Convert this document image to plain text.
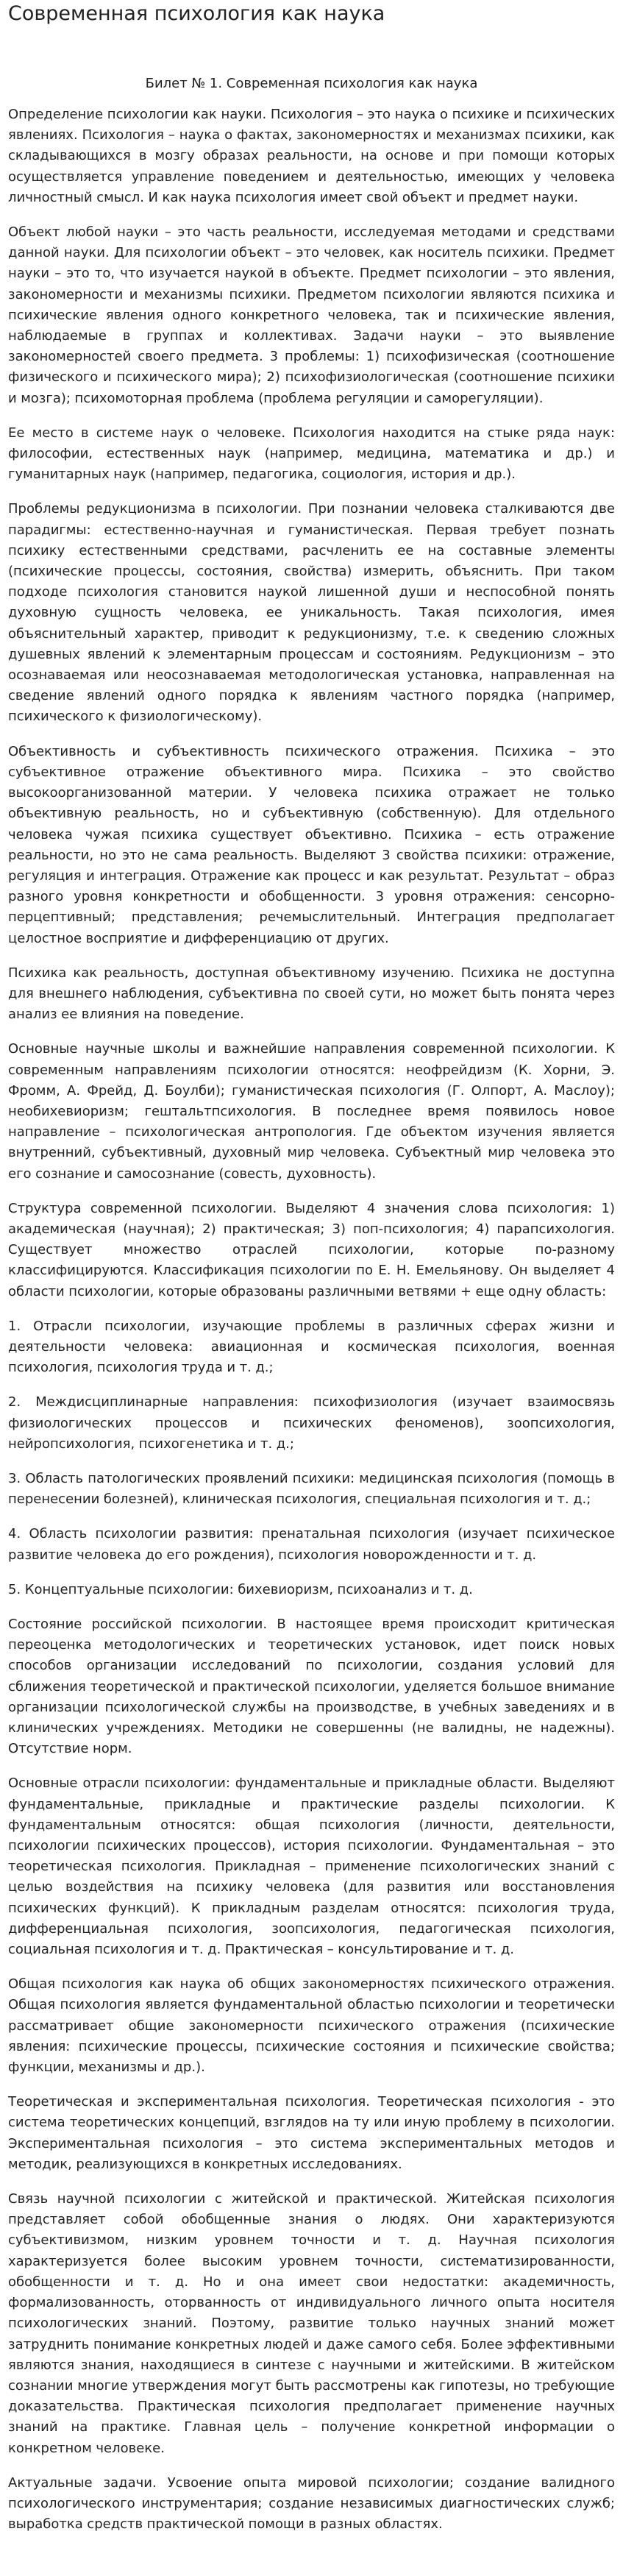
Современная психология как наука
Билет № 1. Современная психология как наука

Определение психологии как науки. Психология – это наука о психике и психических явлениях. Психология – наука о фактах, закономерностях и механизмах психики, как складывающихся в мозгу образах реальности, на основе и при помощи которых осуществляется управление поведением и деятельностью, имеющих у человека личностный смысл. И как наука психология имеет свой объект и предмет науки.

Объект любой науки – это часть реальности, исследуемая методами и средствами данной науки. Для психологии объект – это человек, как носитель психики. Предмет науки – это то, что изучается наукой в объекте. Предмет психологии – это явления, закономерности и механизмы психики. Предметом психологии являются психика и психические явления одного конкретного человека, так и психические явления, наблюдаемые в группах и коллективах. Задачи науки – это выявление закономерностей своего предмета. 3 проблемы: 1) психофизическая (соотношение физического и психического мира); 2) психофизиологическая (соотношение психики и мозга); психомоторная проблема (проблема регуляции и саморегуляции).

Ее место в системе наук о человеке. Психология находится на стыке ряда наук: философии, естественных наук (например, медицина, математика и др.) и гуманитарных наук (например, педагогика, социология, история и др.).

Проблемы редукционизма в психологии. При познании человека сталкиваются две парадигмы: естественно-научная и гуманистическая. Первая требует познать психику естественными средствами, расчленить ее на составные элементы (психические процессы, состояния, свойства) измерить, объяснить. При таком подходе психология становится наукой лишенной души и неспособной понять духовную сущность человека, ее уникальность. Такая психология, имея объяснительный характер, приводит к редукционизму, т.е. к сведению сложных душевных явлений к элементарным процессам и состояниям. Редукционизм – это осознаваемая или неосознаваемая методологическая установка, направленная на сведение явлений одного порядка к явлениям частного порядка (например, психического к физиологическому).

Объективность и субъективность психического отражения. Психика – это субъективное отражение объективного мира. Психика – это свойство высокоорганизованной материи. У человека психика отражает не только объективную реальность, но и субъективную (собственную). Для отдельного человека чужая психика существует объективно. Психика – есть отражение реальности, но это не сама реальность. Выделяют 3 свойства психики: отражение, регуляция и интеграция. Отражение как процесс и как результат. Результат – образ разного уровня конкретности и обобщенности. 3 уровня отражения: сенсорно-перцептивный; представления; речемыслительный. Интеграция предполагает целостное восприятие и дифференциацию от других.

Психика как реальность, доступная объективному изучению. Психика не доступна для внешнего наблюдения, субъективна по своей сути, но может быть понята через анализ ее влияния на поведение.

Основные научные школы и важнейшие направления современной психологии. К современным направлениям психологии относятся: неофрейдизм (К. Хорни, Э. Фромм, А. Фрейд, Д. Боулби); гуманистическая психология (Г. Олпорт, А. Маслоу); необихевиоризм; гештальтпсихология. В последнее время появилось новое направление – психологическая антропология. Где объектом изучения является внутренний, субъективный, духовный мир человека. Субъектный мир человека это его сознание и самосознание (совесть, духовность).

Структура современной психологии. Выделяют 4 значения слова психология: 1) академическая (научная); 2) практическая; 3) поп-психология; 4) парапсихология. Существует множество отраслей психологии, которые по-разному классифицируются. Классификация психологии по Е. Н. Емельянову. Он выделяет 4 области психологии, которые образованы различными ветвями + еще одну область:

1. Отрасли психологии, изучающие проблемы в различных сферах жизни и деятельности человека: авиационная и космическая психология, военная психология, психология труда и т. д.;

2. Междисциплинарные направления: психофизиология (изучает взаимосвязь физиологических процессов и психических феноменов), зоопсихология, нейропсихология, психогенетика и т. д.;

3. Область патологических проявлений психики: медицинская психология (помощь в перенесении болезней), клиническая психология, специальная психология и т. д.;

4. Область психологии развития: пренатальная психология (изучает психическое развитие человека до его рождения), психология новорожденности и т. д.

5. Концептуальные психологии: бихевиоризм, психоанализ и т. д.

Состояние российской психологии. В настоящее время происходит критическая переоценка методологических и теоретических установок, идет поиск новых способов организации исследований по психологии, создания условий для сближения теоретической и практической психологии, уделяется большое внимание организации психологической службы на производстве, в учебных заведениях и в клинических учреждениях. Методики не совершенны (не валидны, не надежны). Отсутствие норм.

Основные отрасли психологии: фундаментальные и прикладные области. Выделяют фундаментальные, прикладные и практические разделы психологии. К фундаментальным относятся: общая психология (личности, деятельности, психологии психических процессов), история психологии. Фундаментальная – это теоретическая психология. Прикладная – применение психологических знаний с целью воздействия на психику человека (для развития или восстановления психических функций). К прикладным разделам относятся: психология труда, дифференциальная психология, зоопсихология, педагогическая психология, социальная психология и т. д. Практическая – консультирование и т. д.

Общая психология как наука об общих закономерностях психического отражения. Общая психология является фундаментальной областью психологии и теоретически рассматривает общие закономерности психического отражения (психические явления: психические процессы, психические состояния и психические свойства; функции, механизмы и др.).

Теоретическая и экспериментальная психология. Теоретическая психология - это система теоретических концепций, взглядов на ту или иную проблему в психологии. Экспериментальная психология – это система экспериментальных методов и методик, реализующихся в конкретных исследованиях.

Связь научной психологии с житейской и практической. Житейская психология представляет собой обобщенные знания о людях. Они характеризуются субъективизмом, низким уровнем точности и т. д. Научная психология характеризуется более высоким уровнем точности, систематизированности, обобщенности и т. д. Но и она имеет свои недостатки: академичность, формализованность, оторванность от индивидуального личного опыта носителя психологических знаний. Поэтому, развитие только научных знаний может затруднить понимание конкретных людей и даже самого себя. Более эффективными являются знания, находящиеся в синтезе с научными и житейскими. В житейском сознании многие утверждения могут быть рассмотрены как гипотезы, но требующие доказательства. Практическая психология предполагает применение научных знаний на практике. Главная цель – получение конкретной информации о конкретном человеке.

Актуальные задачи. Усвоение опыта мировой психологии; создание валидного психологического инструментария; создание независимых диагностических служб; выработка средств практической помощи в разных областях.
